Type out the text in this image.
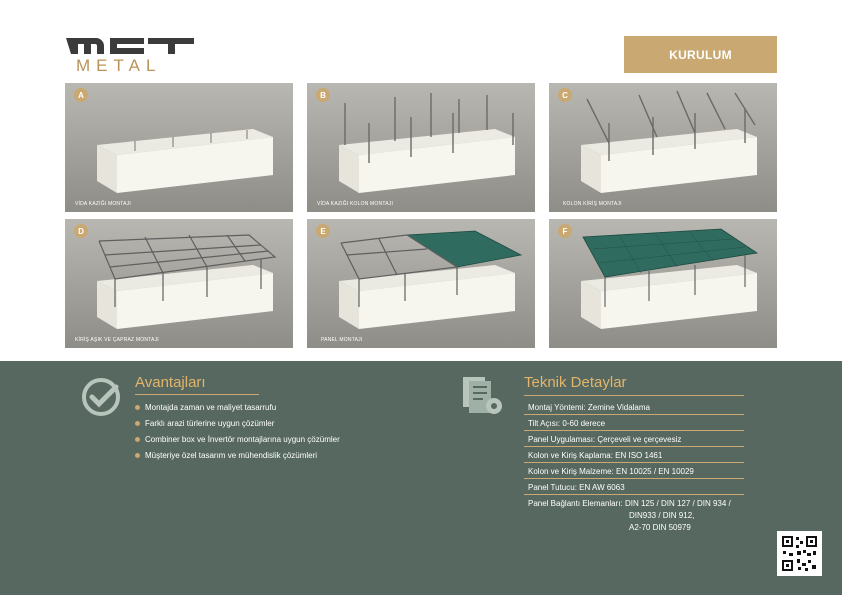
METAL
KURULUM
A
VİDA KAZIĞI MONTAJI
B
VİDA KAZIĞI KOLON MONTAJI
C
KOLON KİRİŞ MONTAJI
D
KİRİŞ AŞIK VE ÇAPRAZ MONTAJI
E
PANEL MONTAJI
F
Avantajları
Montajda zaman ve maliyet tasarrufu
Farklı arazi türlerine uygun çözümler
Combiner box ve İnvertör montajlarına uygun çözümler
Müşteriye özel tasarım ve mühendislik çözümleri
Teknik Detaylar
Montaj Yöntemi: Zemine Vidalama
Tilt Açısı: 0-60 derece
Panel Uygulaması: Çerçeveli ve çerçevesiz
Kolon ve Kiriş Kaplama: EN ISO 1461
Kolon ve Kiriş Malzeme: EN 10025 / EN 10029
Panel Tutucu: EN AW 6063
Panel Bağlantı Elemanları: DIN 125 / DIN 127 / DIN 934 /
DIN933 / DIN 912,
A2-70 DIN 50979
